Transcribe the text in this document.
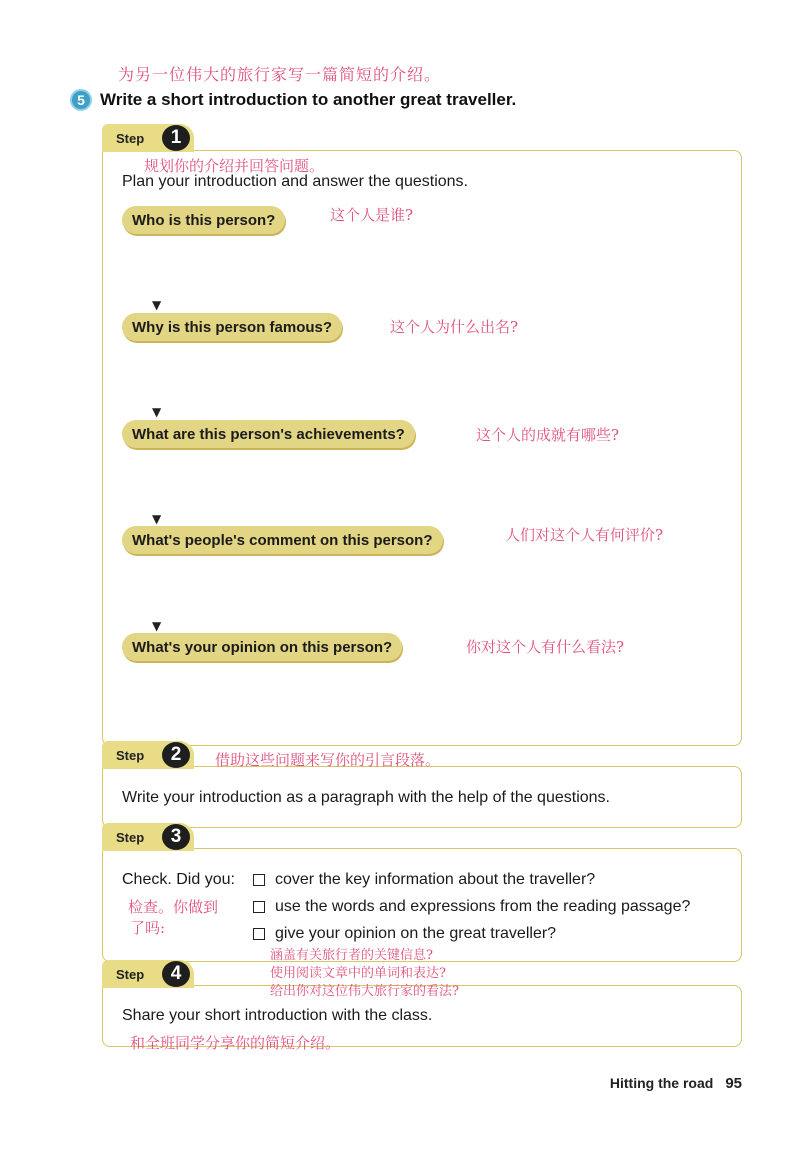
为另一位伟大的旅行家写一篇简短的介绍。
5 Write a short introduction to another great traveller.
Step	1
规划你的介绍并回答问题。
Plan your introduction and answer the questions.
Who is this person?	这个人是谁?
▼
Why is this person famous?	这个人为什么出名?
▼
What are this person's achievements?	这个人的成就有哪些?
▼
What's people's comment on this person?	人们对这个人有何评价?
▼
What's your opinion on this person?	你对这个人有什么看法?
Step	2	借助这些问题来写你的引言段落。
Write your introduction as a paragraph with the help of the questions.
Step	3
Check. Did you:
检查。你做到
了吗:
cover the key information about the traveller?
use the words and expressions from the reading passage?
give your opinion on the great traveller?
涵盖有关旅行者的关键信息?
Step	4	使用阅读文章中的单词和表达?
给出你对这位伟大旅行家的看法?
Share your short introduction with the class.
和全班同学分享你的简短介绍。
Hitting the road 95
